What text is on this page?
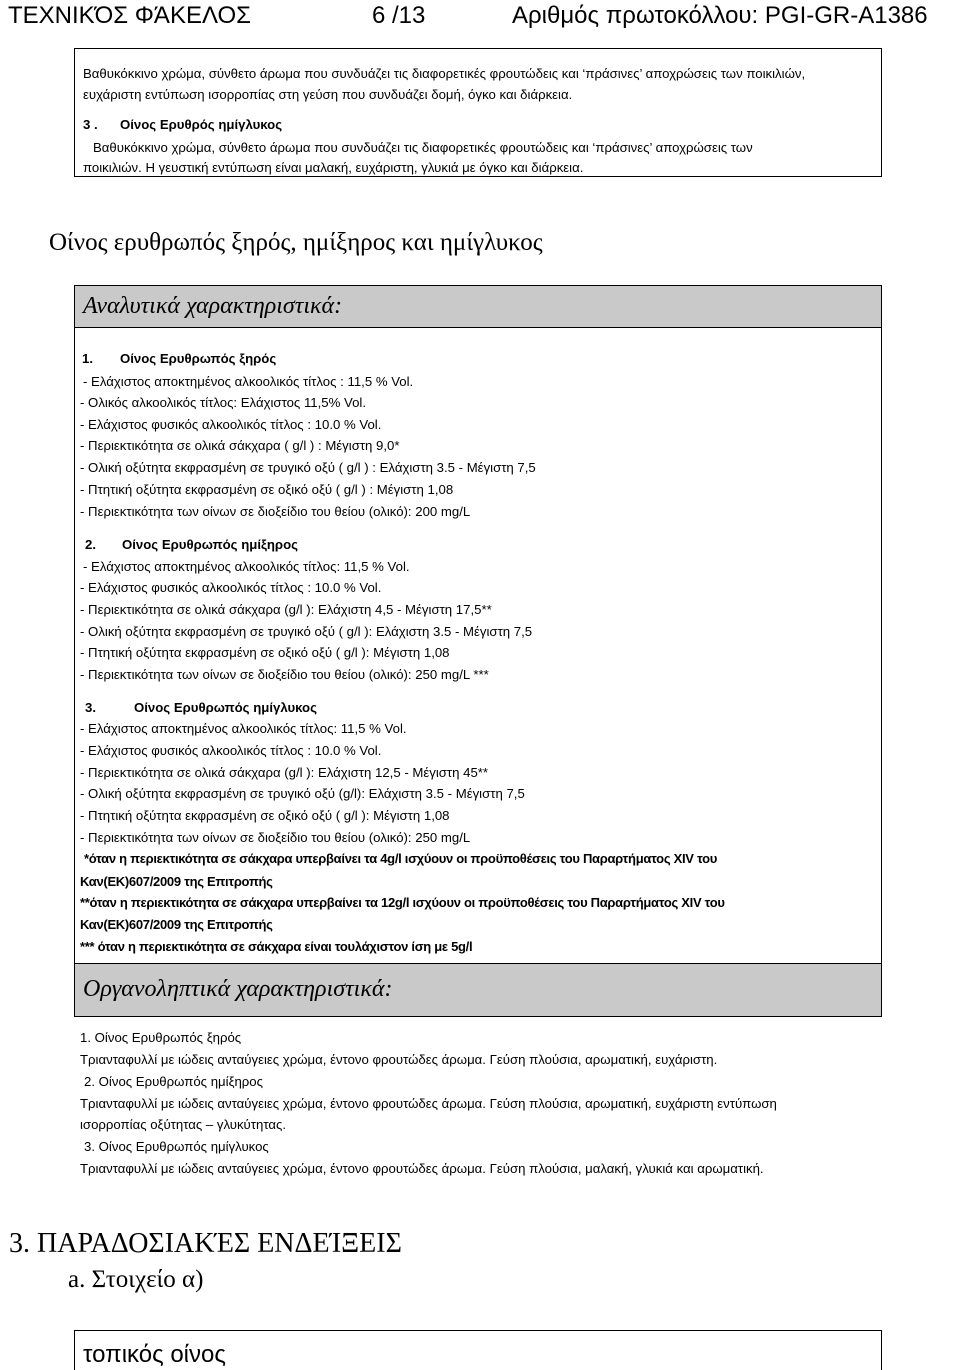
ΤΕΧΝΙΚΌΣ ΦΆΚΕΛΟΣ	6 /13	Αριθμός πρωτοκόλλου: PGI-GR-A1386
Βαθυκόκκινο χρώμα, σύνθετο άρωμα που συνδυάζει τις διαφορετικές φρουτώδεις και ‘πράσινες’ αποχρώσεις των ποικιλιών,
ευχάριστη εντύπωση ισορροπίας στη γεύση που συνδυάζει δομή, όγκο και διάρκεια.
3 . Οίνος Ερυθρός ημίγλυκος
Βαθυκόκκινο χρώμα, σύνθετο άρωμα που συνδυάζει τις διαφορετικές φρουτώδεις και ‘πράσινες’ αποχρώσεις των
ποικιλιών. Η γευστική εντύπωση είναι μαλακή, ευχάριστη, γλυκιά με όγκο και διάρκεια.
Οίνος ερυθρωπός ξηρός, ημίξηρος και ημίγλυκος
Αναλυτικά χαρακτηριστικά:
1. Οίνος Ερυθρωπός ξηρός
- Ελάχιστος αποκτημένος αλκοολικός τίτλος : 11,5 % Vol.
- Ολικός αλκοολικός τίτλος: Ελάχιστος 11,5% Vol.
- Ελάχιστος φυσικός αλκοολικός τίτλος : 10.0 % Vol.
- Περιεκτικότητα σε ολικά σάκχαρα ( g/l ) : Μέγιστη 9,0*
- Ολική οξύτητα εκφρασμένη σε τρυγικό οξύ ( g/l ) : Ελάχιστη 3.5 - Μέγιστη 7,5
- Πτητική οξύτητα εκφρασμένη σε οξικό οξύ ( g/l ) : Μέγιστη 1,08
- Περιεκτικότητα των οίνων σε διοξείδιο του θείου (ολικό): 200 mg/L
2. Οίνος Ερυθρωπός ημίξηρος
- Ελάχιστος αποκτημένος αλκοολικός τίτλος: 11,5 % Vol.
- Ελάχιστος φυσικός αλκοολικός τίτλος : 10.0 % Vol.
- Περιεκτικότητα σε ολικά σάκχαρα (g/l ): Ελάχιστη 4,5 - Μέγιστη 17,5**
- Ολική οξύτητα εκφρασμένη σε τρυγικό οξύ ( g/l ): Ελάχιστη 3.5 - Μέγιστη 7,5
- Πτητική οξύτητα εκφρασμένη σε οξικό οξύ ( g/l ): Μέγιστη 1,08
- Περιεκτικότητα των οίνων σε διοξείδιο του θείου (ολικό): 250 mg/L ***
3.	Οίνος Ερυθρωπός ημίγλυκος
- Ελάχιστος αποκτημένος αλκοολικός τίτλος: 11,5 % Vol.
- Ελάχιστος φυσικός αλκοολικός τίτλος : 10.0 % Vol.
- Περιεκτικότητα σε ολικά σάκχαρα (g/l ): Ελάχιστη 12,5 - Μέγιστη 45**
- Ολική οξύτητα εκφρασμένη σε τρυγικό οξύ (g/l): Ελάχιστη 3.5 - Μέγιστη 7,5
- Πτητική οξύτητα εκφρασμένη σε οξικό οξύ ( g/l ): Μέγιστη 1,08
- Περιεκτικότητα των οίνων σε διοξείδιο του θείου (ολικό): 250 mg/L
*όταν η περιεκτικότητα σε σάκχαρα υπερβαίνει τα 4g/l ισχύουν οι προϋποθέσεις του Παραρτήματος XIV του
Καν(ΕΚ)607/2009 της Επιτροπής
**όταν η περιεκτικότητα σε σάκχαρα υπερβαίνει τα 12g/l ισχύουν οι προϋποθέσεις του Παραρτήματος XIV του
Καν(ΕΚ)607/2009 της Επιτροπής
*** όταν η περιεκτικότητα σε σάκχαρα είναι τουλάχιστον ίση με 5g/l
Οργανοληπτικά χαρακτηριστικά:
1. Οίνος Ερυθρωπός ξηρός
Τριανταφυλλί με ιώδεις ανταύγειες χρώμα, έντονο φρουτώδες άρωμα. Γεύση πλούσια, αρωματική, ευχάριστη.
2. Οίνος Ερυθρωπός ημίξηρος
Τριανταφυλλί με ιώδεις ανταύγειες χρώμα, έντονο φρουτώδες άρωμα. Γεύση πλούσια, αρωματική, ευχάριστη εντύπωση
ισορροπίας οξύτητας – γλυκύτητας.
3. Οίνος Ερυθρωπός ημίγλυκος
Τριανταφυλλί με ιώδεις ανταύγειες χρώμα, έντονο φρουτώδες άρωμα. Γεύση πλούσια, μαλακή, γλυκιά και αρωματική.
3. ΠΑΡΑΔΟΣΙΑΚΈΣ ΕΝΔΕΊΞΕΙΣ
a. Στοιχείο α)
τοπικός οίνος
